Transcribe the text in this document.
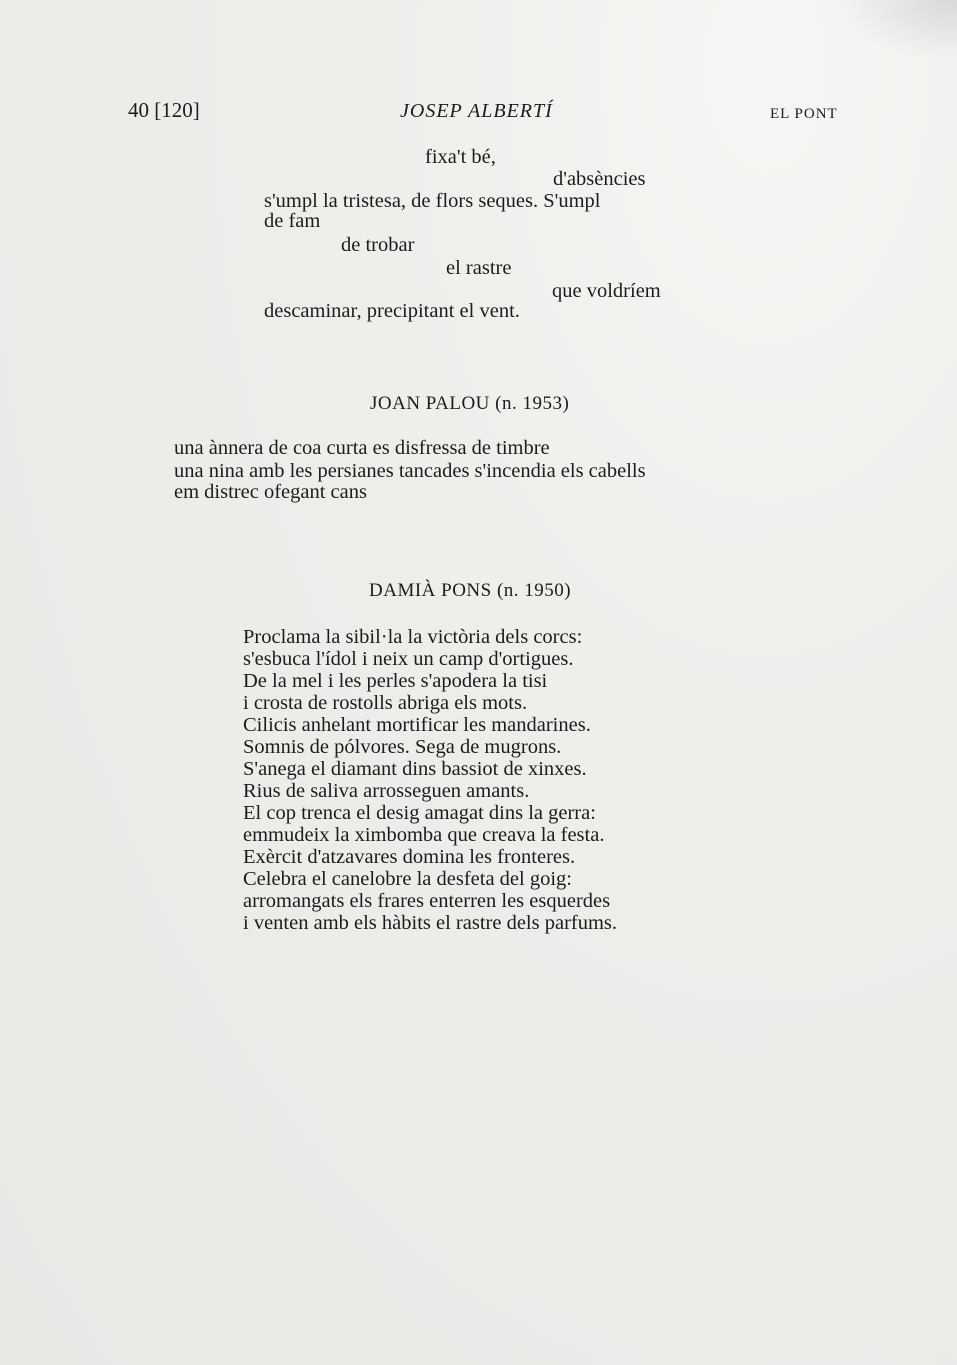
40 [120]	JOSEP ALBERTÍ	EL PONT
fixa't bé,
d'absències
s'umpl la tristesa, de flors seques. S'umpl
de fam
de trobar
el rastre
que voldríem
descaminar, precipitant el vent.
JOAN PALOU (n. 1953)
una ànnera de coa curta es disfressa de timbre
una nina amb les persianes tancades s'incendia els cabells
em distrec ofegant cans
DAMIÀ PONS (n. 1950)
Proclama la sibil·la la victòria dels corcs:
s'esbuca l'ídol i neix un camp d'ortigues.
De la mel i les perles s'apodera la tisi
i crosta de rostolls abriga els mots.
Cilicis anhelant mortificar les mandarines.
Somnis de pólvores. Sega de mugrons.
S'anega el diamant dins bassiot de xinxes.
Rius de saliva arrosseguen amants.
El cop trenca el desig amagat dins la gerra:
emmudeix la ximbomba que creava la festa.
Exèrcit d'atzavares domina les fronteres.
Celebra el canelobre la desfeta del goig:
arromangats els frares enterren les esquerdes
i venten amb els hàbits el rastre dels parfums.
